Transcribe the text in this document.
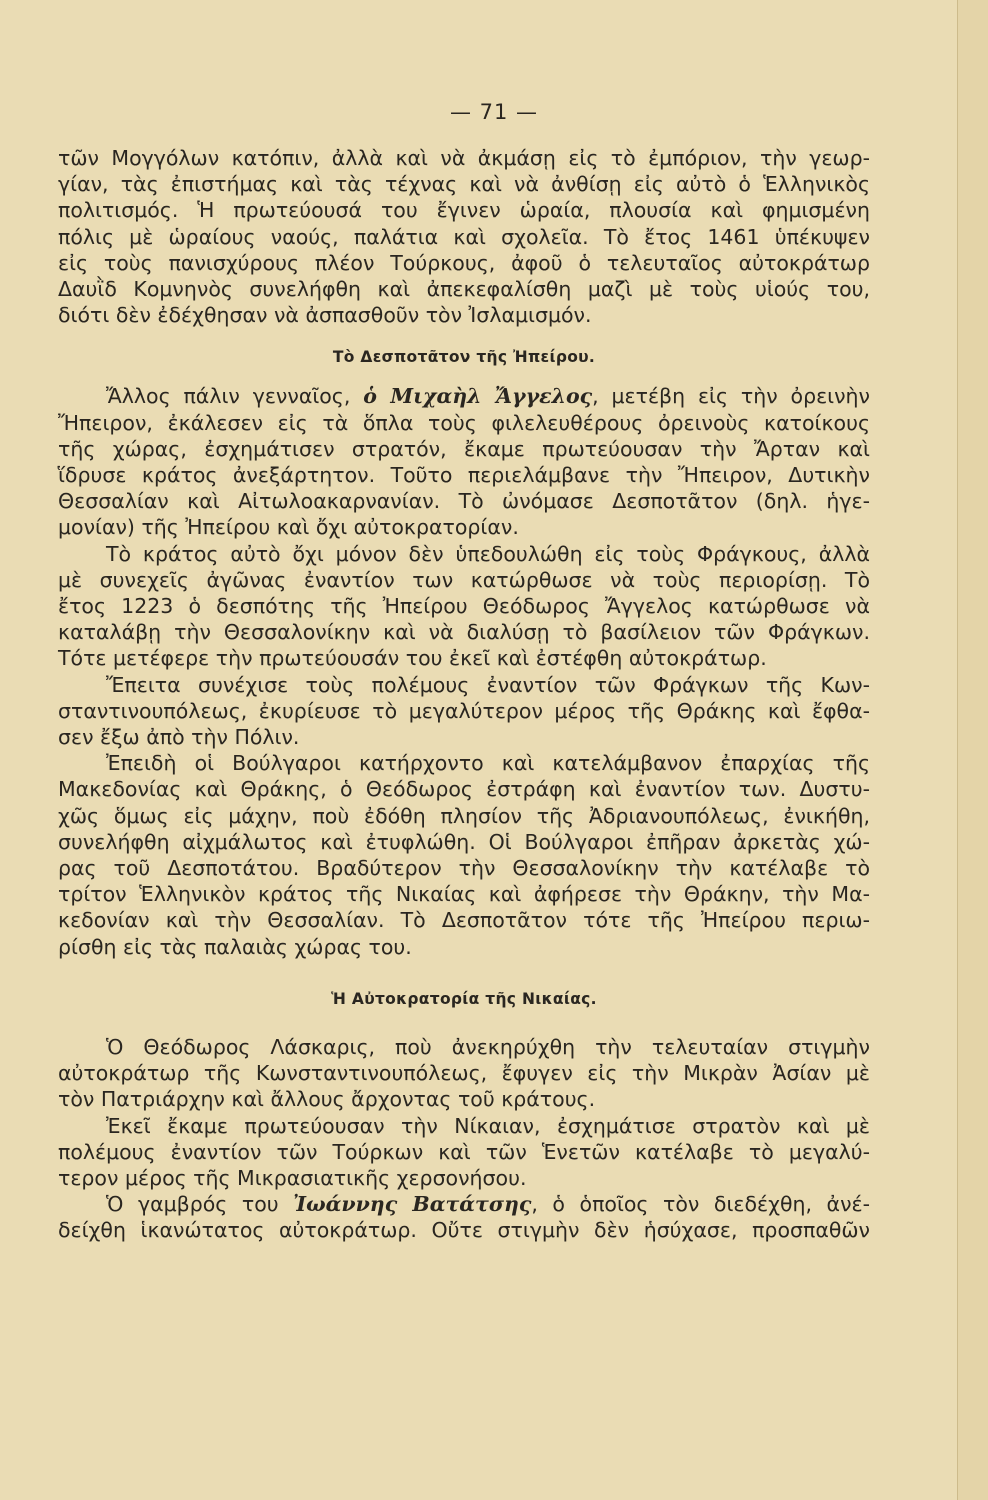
— 71 —

τῶν Μογγόλων κατόπιν, ἀλλὰ καὶ νὰ ἀκμάσῃ εἰς τὸ ἐμπόριον, τὴν γεωρ-

γίαν, τὰς ἐπιστήμας καὶ τὰς τέχνας καὶ νὰ ἀνθίσῃ εἰς αὐτὸ ὁ Ἑλληνικὸς

πολιτισμός. Ἡ πρωτεύουσά του ἔγινεν ὡραία, πλουσία καὶ φημισμένη

πόλις μὲ ὡραίους ναούς, παλάτια καὶ σχολεῖα. Τὸ ἔτος 1461 ὑπέκυψεν

εἰς τοὺς πανισχύρους πλέον Τούρκους, ἀφοῦ ὁ τελευταῖος αὐτοκράτωρ

Δαυῒδ Κομνηνὸς συνελήφθη καὶ ἀπεκεφαλίσθη μαζὶ μὲ τοὺς υἱούς του,

διότι δὲν ἐδέχθησαν νὰ ἀσπασθοῦν τὸν Ἰσλαμισμόν.

Τὸ Δεσποτᾶτον τῆς Ἠπείρου.

Ἄλλος πάλιν γενναῖος, ὁ Μιχαὴλ Ἄγγελος, μετέβη εἰς τὴν ὀρεινὴν

Ἤπειρον, ἐκάλεσεν εἰς τὰ ὅπλα τοὺς φιλελευθέρους ὀρεινοὺς κατοίκους

τῆς χώρας, ἐσχημάτισεν στρατόν, ἔκαμε πρωτεύουσαν τὴν Ἄρταν καὶ

ἵδρυσε κράτος ἀνεξάρτητον. Τοῦτο περιελάμβανε τὴν Ἤπειρον, Δυτικὴν

Θεσσαλίαν καὶ Αἰτωλοακαρνανίαν. Τὸ ὠνόμασε Δεσποτᾶτον (δηλ. ἡγε-

μονίαν) τῆς Ἠπείρου καὶ ὄχι αὐτοκρατορίαν.

Τὸ κράτος αὐτὸ ὄχι μόνον δὲν ὑπεδουλώθη εἰς τοὺς Φράγκους, ἀλλὰ

μὲ συνεχεῖς ἀγῶνας ἐναντίον των κατώρθωσε νὰ τοὺς περιορίσῃ. Τὸ

ἔτος 1223 ὁ δεσπότης τῆς Ἠπείρου Θεόδωρος Ἄγγελος κατώρθωσε νὰ

καταλάβῃ τὴν Θεσσαλονίκην καὶ νὰ διαλύσῃ τὸ βασίλειον τῶν Φράγκων.

Τότε μετέφερε τὴν πρωτεύουσάν του ἐκεῖ καὶ ἐστέφθη αὐτοκράτωρ.

Ἔπειτα συνέχισε τοὺς πολέμους ἐναντίον τῶν Φράγκων τῆς Κων-

σταντινουπόλεως, ἐκυρίευσε τὸ μεγαλύτερον μέρος τῆς Θράκης καὶ ἔφθα-

σεν ἔξω ἀπὸ τὴν Πόλιν.

Ἐπειδὴ οἱ Βούλγαροι κατήρχοντο καὶ κατελάμβανον ἐπαρχίας τῆς

Μακεδονίας καὶ Θράκης, ὁ Θεόδωρος ἐστράφη καὶ ἐναντίον των. Δυστυ-

χῶς ὅμως εἰς μάχην, ποὺ ἐδόθη πλησίον τῆς Ἀδριανουπόλεως, ἐνικήθη,

συνελήφθη αἰχμάλωτος καὶ ἐτυφλώθη. Οἱ Βούλγαροι ἐπῆραν ἀρκετὰς χώ-

ρας τοῦ Δεσποτάτου. Βραδύτερον τὴν Θεσσαλονίκην τὴν κατέλαβε τὸ

τρίτον Ἑλληνικὸν κράτος τῆς Νικαίας καὶ ἀφήρεσε τὴν Θράκην, τὴν Μα-

κεδονίαν καὶ τὴν Θεσσαλίαν. Τὸ Δεσποτᾶτον τότε τῆς Ἠπείρου περιω-

ρίσθη εἰς τὰς παλαιὰς χώρας του.

Ἡ Αὐτοκρατορία τῆς Νικαίας.

Ὁ Θεόδωρος Λάσκαρις, ποὺ ἀνεκηρύχθη τὴν τελευταίαν στιγμὴν

αὐτοκράτωρ τῆς Κωνσταντινουπόλεως, ἔφυγεν εἰς τὴν Μικρὰν Ἀσίαν μὲ

τὸν Πατριάρχην καὶ ἄλλους ἄρχοντας τοῦ κράτους.

Ἐκεῖ ἔκαμε πρωτεύουσαν τὴν Νίκαιαν, ἐσχημάτισε στρατὸν καὶ μὲ

πολέμους ἐναντίον τῶν Τούρκων καὶ τῶν Ἑνετῶν κατέλαβε τὸ μεγαλύ-

τερον μέρος τῆς Μικρασιατικῆς χερσονήσου.

Ὁ γαμβρός του Ἰωάννης Βατάτσης, ὁ ὁποῖος τὸν διεδέχθη, ἀνέ-

δείχθη ἱκανώτατος αὐτοκράτωρ. Οὔτε στιγμὴν δὲν ἡσύχασε, προσπαθῶν
